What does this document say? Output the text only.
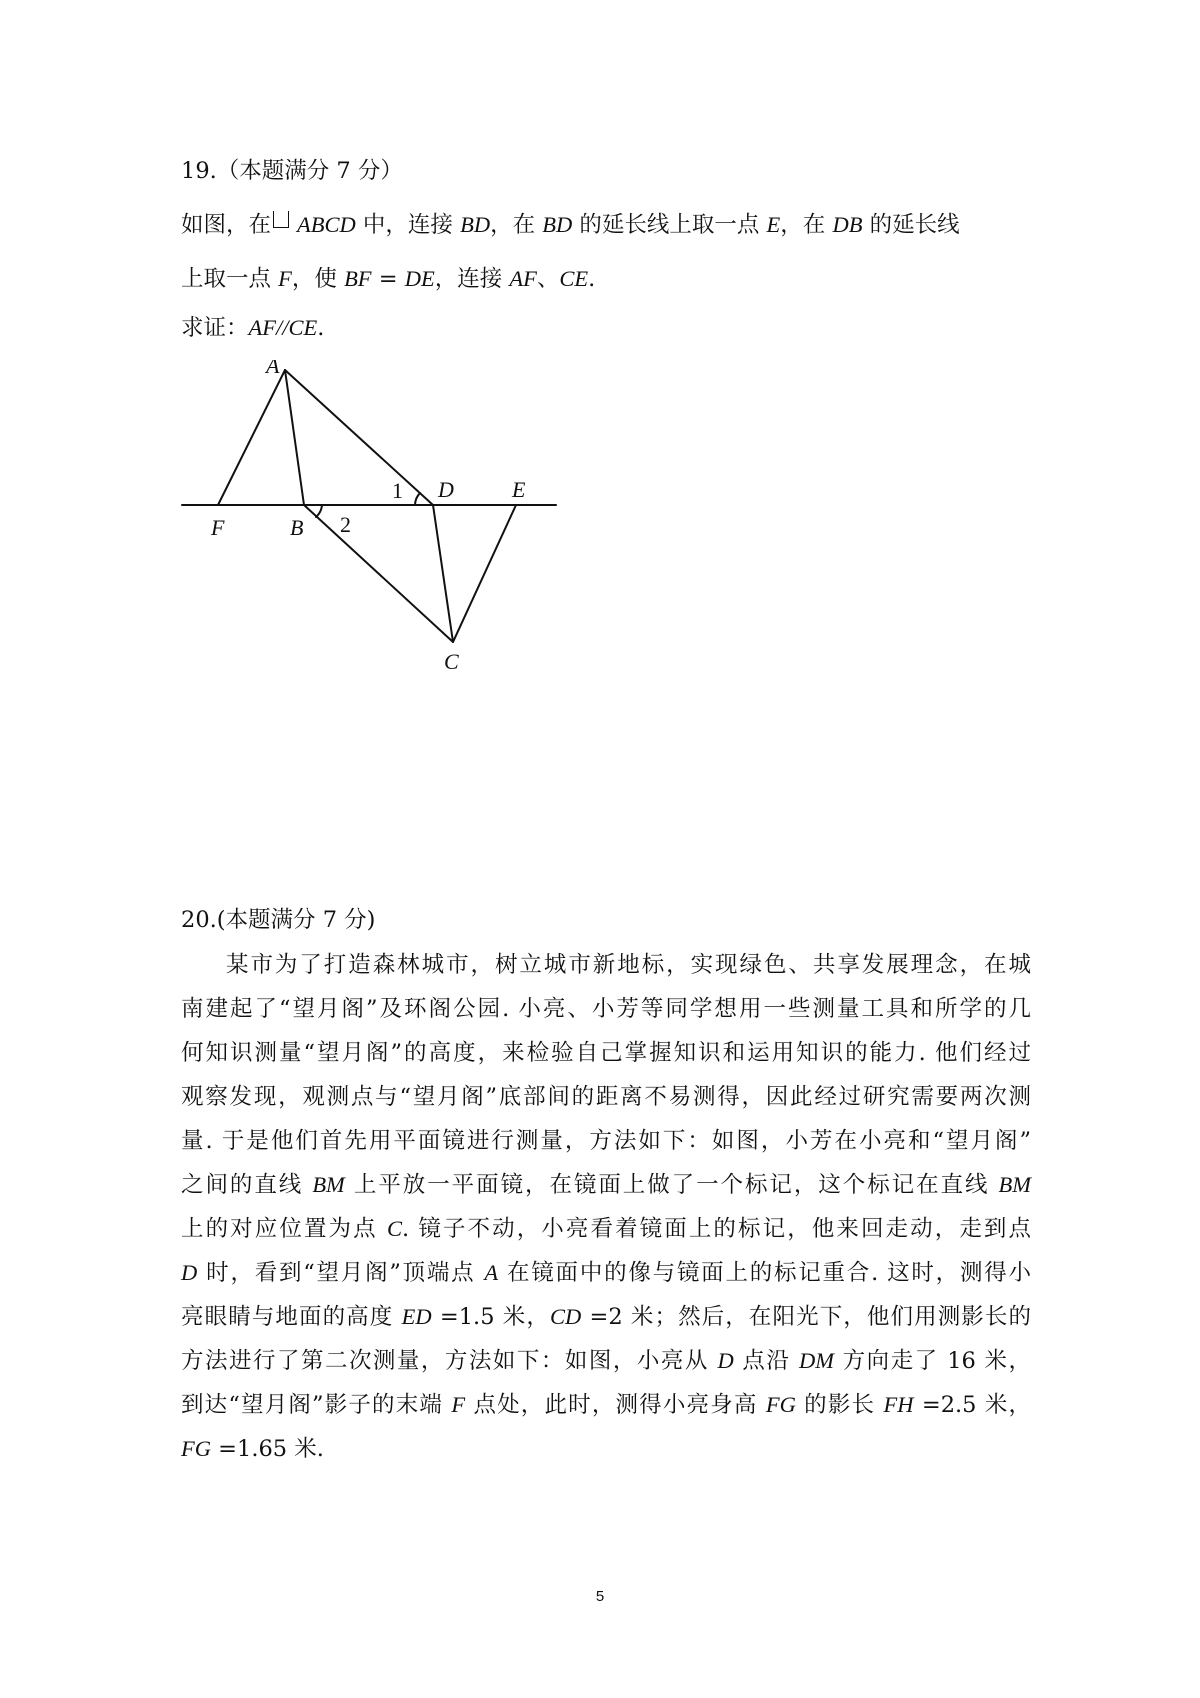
19.（本题满分 7 分）
如图，在 ABCD 中，连接 BD，在 BD 的延长线上取一点 E，在 DB 的延长线
上取一点 F，使 BF = DE，连接 AF、CE.
求证：AF//CE.
A
B
C
D	E
F
1
2
20.(本题满分 7 分)
某市为了打造森林城市，树立城市新地标，实现绿色、共享发展理念，在城
南建起了“望月阁”及环阁公园. 小亮、小芳等同学想用一些测量工具和所学的几
何知识测量“望月阁”的高度，来检验自己掌握知识和运用知识的能力. 他们经过
观察发现，观测点与“望月阁”底部间的距离不易测得，因此经过研究需要两次测
量. 于是他们首先用平面镜进行测量，方法如下：如图，小芳在小亮和“望月阁”
之间的直线 BM 上平放一平面镜，在镜面上做了一个标记，这个标记在直线 BM
上的对应位置为点 C. 镜子不动，小亮看着镜面上的标记，他来回走动，走到点
D 时，看到“望月阁”顶端点 A 在镜面中的像与镜面上的标记重合. 这时，测得小
亮眼睛与地面的高度 ED =1.5 米，CD =2 米；然后，在阳光下，他们用测影长的
方法进行了第二次测量，方法如下：如图，小亮从 D 点沿 DM 方向走了 16 米，
到达“望月阁”影子的末端 F 点处，此时，测得小亮身高 FG 的影长 FH =2.5 米，
FG =1.65 米.
5
